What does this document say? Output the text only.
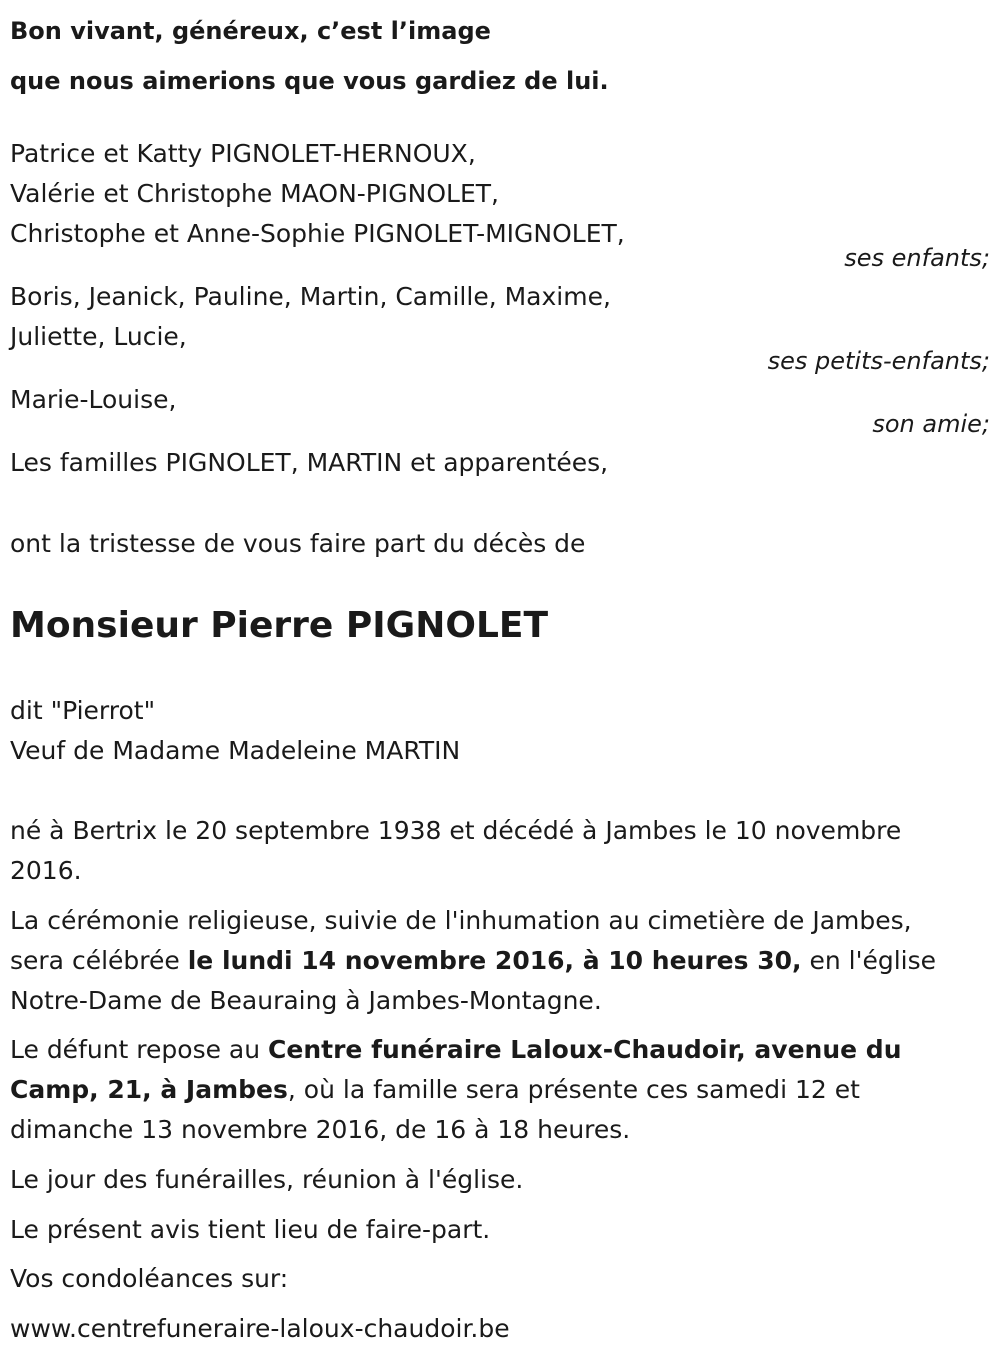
Bon vivant, généreux, c’est l’image
que nous aimerions que vous gardiez de lui.
Patrice et Katty PIGNOLET-HERNOUX,
Valérie et Christophe MAON-PIGNOLET,
Christophe et Anne-Sophie PIGNOLET-MIGNOLET,
ses enfants;
Boris, Jeanick, Pauline, Martin, Camille, Maxime,
Juliette, Lucie,
ses petits-enfants;
Marie-Louise,
son amie;
Les familles PIGNOLET, MARTIN et apparentées,
ont la tristesse de vous faire part du décès de
Monsieur Pierre PIGNOLET
dit "Pierrot"
Veuf de Madame Madeleine MARTIN
né à Bertrix le 20 septembre 1938 et décédé à Jambes le 10 novembre
2016.
La cérémonie religieuse, suivie de l'inhumation au cimetière de Jambes,
sera célébrée le lundi 14 novembre 2016, à 10 heures 30, en l'église
Notre-Dame de Beauraing à Jambes-Montagne.
Le défunt repose au Centre funéraire Laloux-Chaudoir, avenue du
Camp, 21, à Jambes, où la famille sera présente ces samedi 12 et
dimanche 13 novembre 2016, de 16 à 18 heures.
Le jour des funérailles, réunion à l'église.
Le présent avis tient lieu de faire-part.
Vos condoléances sur:
www.centrefuneraire-laloux-chaudoir.be
